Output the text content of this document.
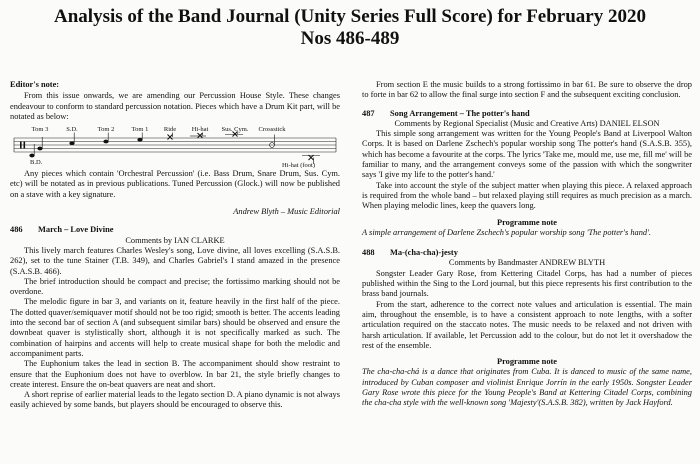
Analysis of the Band Journal (Unity Series Full Score) for February 2020
Nos 486-489
Editor's note:

From this issue onwards, we are amending our Percussion House Style. These changes endeavour to conform to standard percussion notation. Pieces which have a Drum Kit part, will be notated as below:

Tom 3	S.D.	Tom 2	Tom 1 Ride Hi-hat Sus. Cym. Crossstick
B.D.	Hi-hat (foot)

Any pieces which contain 'Orchestral Percussion' (i.e. Bass Drum, Snare Drum, Sus. Cym. etc) will be notated as in previous publications. Tuned Percussion (Glock.) will now be published on a stave with a key signature.

Andrew Blyth – Music Editorial
486	March – Love Divine
Comments by IAN CLARKE

This lively march features Charles Wesley's song, Love divine, all loves excelling (S.A.S.B. 262), set to the tune Stainer (T.B. 349), and Charles Gabriel's I stand amazed in the presence (S.A.S.B. 466).

The brief introduction should be compact and precise; the fortissimo marking should not be overdone.

The melodic figure in bar 3, and variants on it, feature heavily in the first half of the piece. The dotted quaver/semiquaver motif should not be too rigid; smooth is better. The accents leading into the second bar of section A (and subsequent similar bars) should be observed and ensure the downbeat quaver is stylistically short, although it is not specifically marked as such. The combination of hairpins and accents will help to create musical shape for both the melodic and accompaniment parts.

The Euphonium takes the lead in section B. The accompaniment should show restraint to ensure that the Euphonium does not have to overblow. In bar 21, the style briefly changes to create interest. Ensure the on-beat quavers are neat and short.

A short reprise of earlier material leads to the legato section D. A piano dynamic is not always easily achieved by some bands, but players should be encouraged to observe this.

From section E the music builds to a strong fortissimo in bar 61. Be sure to observe the drop to forte in bar 62 to allow the final surge into section F and the subsequent exciting conclusion.

487	Song Arrangement – The potter's hand
Comments by Regional Specialist (Music and Creative Arts) DANIEL ELSON

This simple song arrangement was written for the Young People's Band at Liverpool Walton Corps. It is based on Darlene Zschech's popular worship song The potter's hand (S.A.S.B. 355), which has become a favourite at the corps. The lyrics 'Take me, mould me, use me, fill me' will be familiar to many, and the arrangement conveys some of the passion with which the songwriter says 'I give my life to the potter's hand.'

Take into account the style of the subject matter when playing this piece. A relaxed approach is required from the whole band – but relaxed playing still requires as much precision as a march. When playing melodic lines, keep the quavers long.

Programme note

A simple arrangement of Darlene Zschech's popular worship song 'The potter's hand'.

488	Ma-(cha-cha)-jesty
Comments by Bandmaster ANDREW BLYTH

Songster Leader Gary Rose, from Kettering Citadel Corps, has had a number of pieces published within the Sing to the Lord journal, but this piece represents his first contribution to the brass band journals.

From the start, adherence to the correct note values and articulation is essential. The main aim, throughout the ensemble, is to have a consistent approach to note lengths, with a softer articulation required on the staccato notes. The music needs to be relaxed and not driven with harsh articulation. If available, let Percussion add to the colour, but do not let it overshadow the rest of the ensemble.

Programme note

The cha-cha-chá is a dance that originates from Cuba. It is danced to music of the same name, introduced by Cuban composer and violinist Enrique Jorrín in the early 1950s. Songster Leader Gary Rose wrote this piece for the Young People's Band at Kettering Citadel Corps, combining the cha-cha style with the well-known song 'Majesty'(S.A.S.B. 382), written by Jack Hayford.
